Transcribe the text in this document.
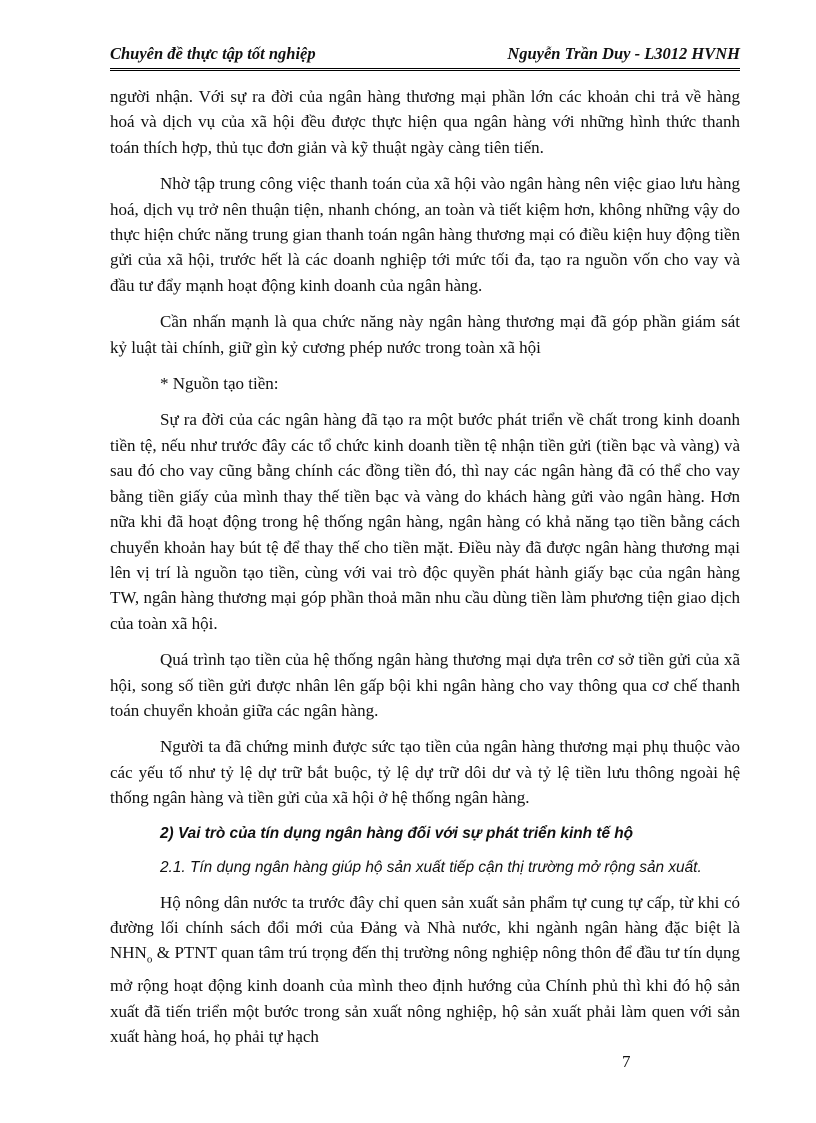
Chuyên đề thực tập tốt nghiệp	Nguyễn Trần Duy - L3012 HVNH

người nhận. Với sự ra đời của ngân hàng thương mại phần lớn các khoản chi trả về hàng hoá và dịch vụ của xã hội đều được thực hiện qua ngân hàng với những hình thức thanh toán thích hợp, thủ tục đơn giản và kỹ thuật ngày càng tiên tiến.

Nhờ tập trung công việc thanh toán của xã hội vào ngân hàng nên việc giao lưu hàng hoá, dịch vụ trở nên thuận tiện, nhanh chóng, an toàn và tiết kiệm hơn, không những vậy do thực hiện chức năng trung gian thanh toán ngân hàng thương mại có điều kiện huy động tiền gửi của xã hội, trước hết là các doanh nghiệp tới mức tối đa, tạo ra nguồn vốn cho vay và đầu tư đẩy mạnh hoạt động kinh doanh của ngân hàng.

Cần nhấn mạnh là qua chức năng này ngân hàng thương mại đã góp phần giám sát kỷ luật tài chính, giữ gìn kỷ cương phép nước trong toàn xã hội

* Nguồn tạo tiền:

Sự ra đời của các ngân hàng đã tạo ra một bước phát triển về chất trong kinh doanh tiền tệ, nếu như trước đây các tổ chức kinh doanh tiền tệ nhận tiền gửi (tiền bạc và vàng) và sau đó cho vay cũng bằng chính các đồng tiền đó, thì nay các ngân hàng đã có thể cho vay bằng tiền giấy của mình thay thế tiền bạc và vàng do khách hàng gửi vào ngân hàng. Hơn nữa khi đã hoạt động trong hệ thống ngân hàng, ngân hàng có khả năng tạo tiền bằng cách chuyển khoản hay bút tệ để thay thế cho tiền mặt. Điều này đã được ngân hàng thương mại lên vị trí là nguồn tạo tiền, cùng với vai trò độc quyền phát hành giấy bạc của ngân hàng TW, ngân hàng thương mại góp phần thoả mãn nhu cầu dùng tiền làm phương tiện giao dịch của toàn xã hội.

Quá trình tạo tiền của hệ thống ngân hàng thương mại dựa trên cơ sở tiền gửi của xã hội, song số tiền gửi được nhân lên gấp bội khi ngân hàng cho vay thông qua cơ chế thanh toán chuyển khoản giữa các ngân hàng.

Người ta đã chứng minh được sức tạo tiền của ngân hàng thương mại phụ thuộc vào các yếu tố như tỷ lệ dự trữ bắt buộc, tỷ lệ dự trữ dôi dư và tỷ lệ tiền lưu thông ngoài hệ thống ngân hàng và tiền gửi của xã hội ở hệ thống ngân hàng.

2) Vai trò của tín dụng ngân hàng đối với sự phát triển kinh tế hộ
2.1. Tín dụng ngân hàng giúp hộ sản xuất tiếp cận thị trường mở rộng sản xuất.

Hộ nông dân nước ta trước đây chỉ quen sản xuất sản phẩm tự cung tự cấp, từ khi có đường lối chính sách đổi mới của Đảng và Nhà nước, khi ngành ngân hàng đặc biệt là $NHN_o$ & PTNT quan tâm trú trọng đến thị trường nông nghiệp nông thôn để đầu tư tín dụng mở rộng hoạt động kinh doanh của mình theo định hướng của Chính phủ thì khi đó hộ sản xuất đã tiến triển một bước trong sản xuất nông nghiệp, hộ sản xuất phải làm quen với sản xuất hàng hoá, họ phải tự hạch

7
